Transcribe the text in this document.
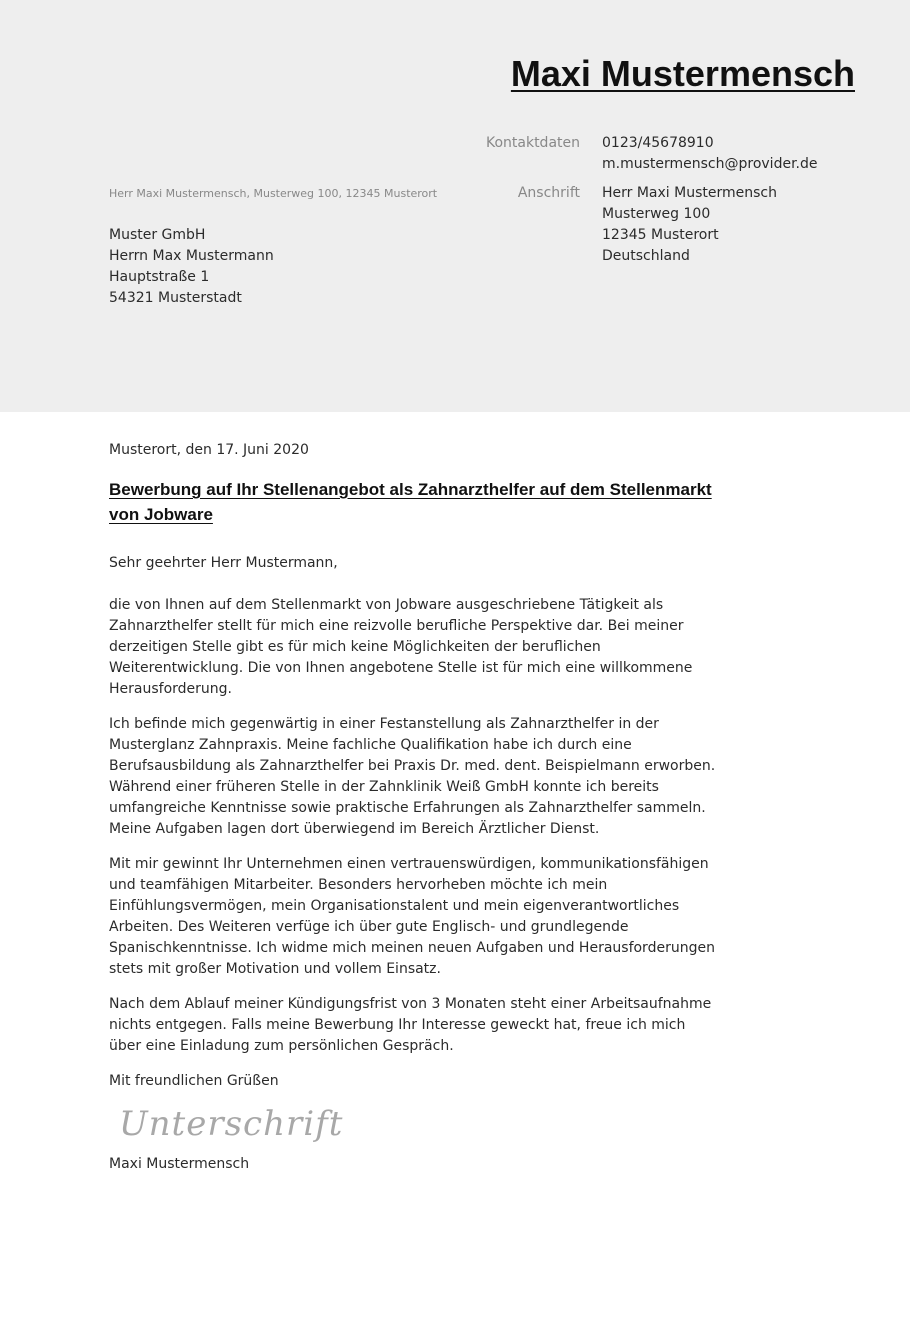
Maxi Mustermensch
Kontaktdaten	0123/45678910
m.mustermensch@provider.de
Anschrift	Herr Maxi Mustermensch
Musterweg 100
12345 Musterort
Deutschland
Herr Maxi Mustermensch, Musterweg 100, 12345 Musterort
Muster GmbH
Herrn Max Mustermann
Hauptstraße 1
54321 Musterstadt

Musterort, den 17. Juni 2020

Bewerbung auf Ihr Stellenangebot als Zahnarzthelfer auf dem Stellenmarkt von Jobware

Sehr geehrter Herr Mustermann,

die von Ihnen auf dem Stellenmarkt von Jobware ausgeschriebene Tätigkeit als Zahnarzthelfer stellt für mich eine reizvolle berufliche Perspektive dar. Bei meiner derzeitigen Stelle gibt es für mich keine Möglichkeiten der beruflichen Weiterentwicklung. Die von Ihnen angebotene Stelle ist für mich eine willkommene Herausforderung.

Ich befinde mich gegenwärtig in einer Festanstellung als Zahnarzthelfer in der Musterglanz Zahnpraxis. Meine fachliche Qualifikation habe ich durch eine Berufsausbildung als Zahnarzthelfer bei Praxis Dr. med. dent. Beispielmann erworben. Während einer früheren Stelle in der Zahnklinik Weiß GmbH konnte ich bereits umfangreiche Kenntnisse sowie praktische Erfahrungen als Zahnarzthelfer sammeln. Meine Aufgaben lagen dort überwiegend im Bereich Ärztlicher Dienst.

Mit mir gewinnt Ihr Unternehmen einen vertrauenswürdigen, kommunikationsfähigen und teamfähigen Mitarbeiter. Besonders hervorheben möchte ich mein Einfühlungsvermögen, mein Organisationstalent und mein eigenverantwortliches Arbeiten. Des Weiteren verfüge ich über gute Englisch- und grundlegende Spanischkenntnisse. Ich widme mich meinen neuen Aufgaben und Herausforderungen stets mit großer Motivation und vollem Einsatz.

Nach dem Ablauf meiner Kündigungsfrist von 3 Monaten steht einer Arbeitsaufnahme nichts entgegen. Falls meine Bewerbung Ihr Interesse geweckt hat, freue ich mich über eine Einladung zum persönlichen Gespräch.

Mit freundlichen Grüßen

Unterschrift

Maxi Mustermensch
